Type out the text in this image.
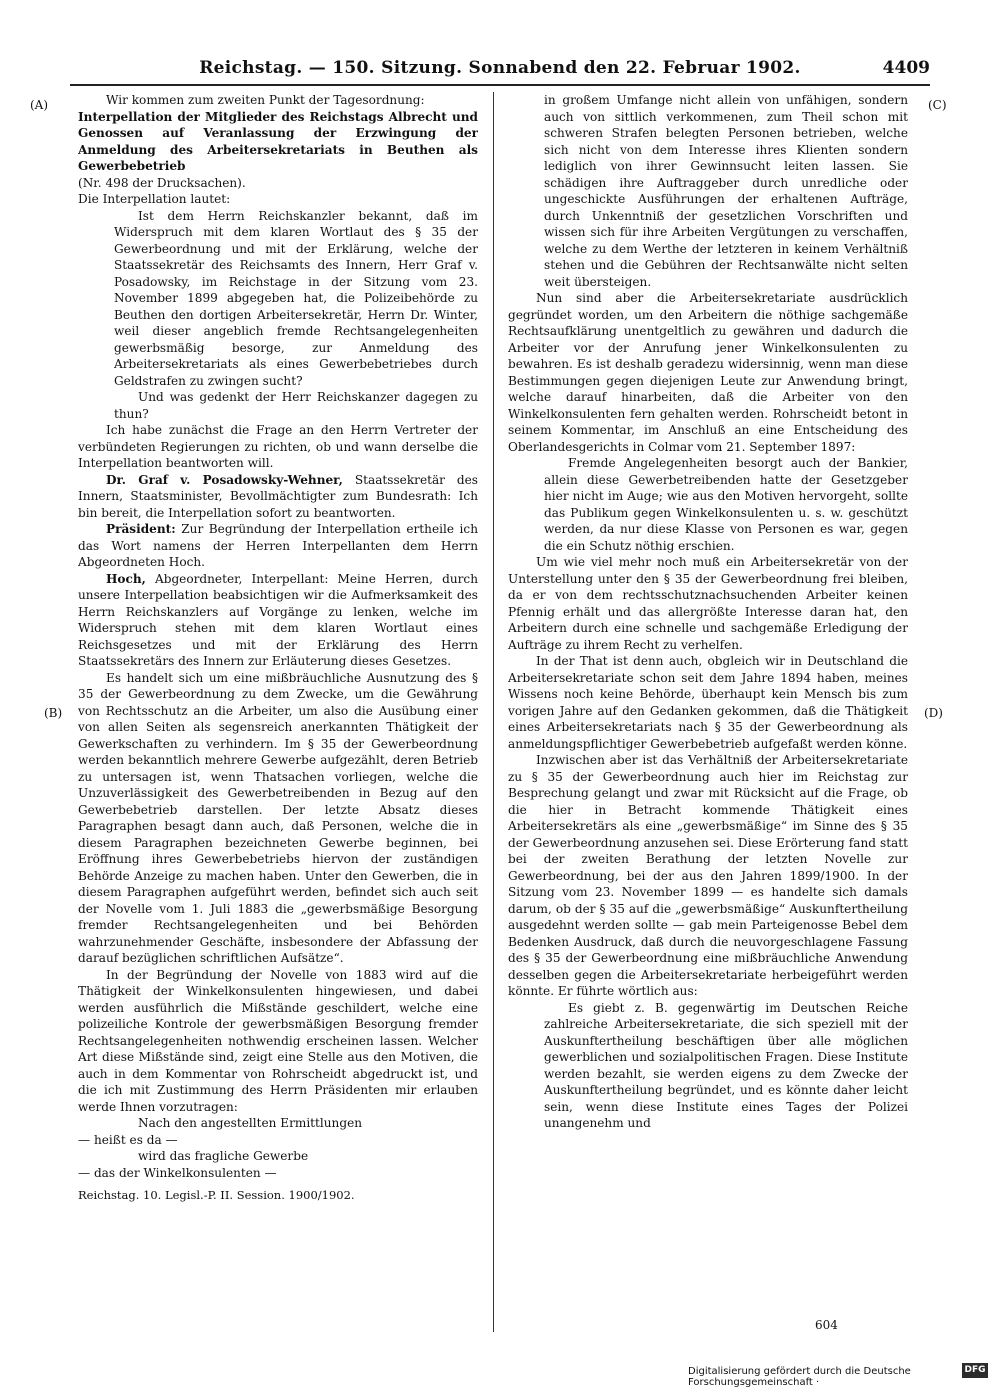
Reichstag. — 150. Sitzung. Sonnabend den 22. Februar 1902.	4409
(A)
(B)
(C)
(D)

Wir kommen zum zweiten Punkt der Tagesordnung:

Interpellation der Mitglieder des Reichstags Albrecht und Genossen auf Veranlassung der Erzwingung der Anmeldung des Arbeitersekretariats in Beuthen als Gewerbebetrieb

(Nr. 498 der Drucksachen).

Die Interpellation lautet:

Ist dem Herrn Reichskanzler bekannt, daß im Widerspruch mit dem klaren Wortlaut des § 35 der Gewerbeordnung und mit der Erklärung, welche der Staatssekretär des Reichsamts des Innern, Herr Graf v. Posadowsky, im Reichstage in der Sitzung vom 23. November 1899 abgegeben hat, die Polizeibehörde zu Beuthen den dortigen Arbeitersekretär, Herrn Dr. Winter, weil dieser angeblich fremde Rechtsangelegenheiten gewerbsmäßig besorge, zur Anmeldung des Arbeitersekretariats als eines Gewerbebetriebes durch Geldstrafen zu zwingen sucht?

Und was gedenkt der Herr Reichskanzer dagegen zu thun?

Ich habe zunächst die Frage an den Herrn Vertreter der verbündeten Regierungen zu richten, ob und wann derselbe die Interpellation beantworten will.

Dr. Graf v. Posadowsky-Wehner, Staatssekretär des Innern, Staatsminister, Bevollmächtigter zum Bundesrath: Ich bin bereit, die Interpellation sofort zu beantworten.

Präsident: Zur Begründung der Interpellation ertheile ich das Wort namens der Herren Interpellanten dem Herrn Abgeordneten Hoch.

Hoch, Abgeordneter, Interpellant: Meine Herren, durch unsere Interpellation beabsichtigen wir die Aufmerksamkeit des Herrn Reichskanzlers auf Vorgänge zu lenken, welche im Widerspruch stehen mit dem klaren Wortlaut eines Reichsgesetzes und mit der Erklärung des Herrn Staatssekretärs des Innern zur Erläuterung dieses Gesetzes.

Es handelt sich um eine mißbräuchliche Ausnutzung des § 35 der Gewerbeordnung zu dem Zwecke, um die Gewährung von Rechtsschutz an die Arbeiter, um also die Ausübung einer von allen Seiten als segensreich anerkannten Thätigkeit der Gewerkschaften zu verhindern. Im § 35 der Gewerbeordnung werden bekanntlich mehrere Gewerbe aufgezählt, deren Betrieb zu untersagen ist, wenn Thatsachen vorliegen, welche die Unzuverlässigkeit des Gewerbetreibenden in Bezug auf den Gewerbebetrieb darstellen. Der letzte Absatz dieses Paragraphen besagt dann auch, daß Personen, welche die in diesem Paragraphen bezeichneten Gewerbe beginnen, bei Eröffnung ihres Gewerbebetriebs hiervon der zuständigen Behörde Anzeige zu machen haben. Unter den Gewerben, die in diesem Paragraphen aufgeführt werden, befindet sich auch seit der Novelle vom 1. Juli 1883 die „gewerbsmäßige Besorgung fremder Rechtsangelegenheiten und bei Behörden wahrzunehmender Geschäfte, insbesondere der Abfassung der darauf bezüglichen schriftlichen Aufsätze“.

In der Begründung der Novelle von 1883 wird auf die Thätigkeit der Winkelkonsulenten hingewiesen, und dabei werden ausführlich die Mißstände geschildert, welche eine polizeiliche Kontrole der gewerbsmäßigen Besorgung fremder Rechtsangelegenheiten nothwendig erscheinen lassen. Welcher Art diese Mißstände sind, zeigt eine Stelle aus den Motiven, die auch in dem Kommentar von Rohrscheidt abgedruckt ist, und die ich mit Zustimmung des Herrn Präsidenten mir erlauben werde Ihnen vorzutragen:

Nach den angestellten Ermittlungen

— heißt es da —

wird das fragliche Gewerbe

— das der Winkelkonsulenten —

Reichstag. 10. Legisl.-P. II. Session. 1900/1902.

in großem Umfange nicht allein von unfähigen, sondern auch von sittlich verkommenen, zum Theil schon mit schweren Strafen belegten Personen betrieben, welche sich nicht von dem Interesse ihres Klienten sondern lediglich von ihrer Gewinnsucht leiten lassen. Sie schädigen ihre Auftraggeber durch unredliche oder ungeschickte Ausführungen der erhaltenen Aufträge, durch Unkenntniß der gesetzlichen Vorschriften und wissen sich für ihre Arbeiten Vergütungen zu verschaffen, welche zu dem Werthe der letzteren in keinem Verhältniß stehen und die Gebühren der Rechtsanwälte nicht selten weit übersteigen.

Nun sind aber die Arbeitersekretariate ausdrücklich gegründet worden, um den Arbeitern die nöthige sachgemäße Rechtsaufklärung unentgeltlich zu gewähren und dadurch die Arbeiter vor der Anrufung jener Winkelkonsulenten zu bewahren. Es ist deshalb geradezu widersinnig, wenn man diese Bestimmungen gegen diejenigen Leute zur Anwendung bringt, welche darauf hinarbeiten, daß die Arbeiter von den Winkelkonsulenten fern gehalten werden. Rohrscheidt betont in seinem Kommentar, im Anschluß an eine Entscheidung des Oberlandesgerichts in Colmar vom 21. September 1897:

Fremde Angelegenheiten besorgt auch der Bankier, allein diese Gewerbetreibenden hatte der Gesetzgeber hier nicht im Auge; wie aus den Motiven hervorgeht, sollte das Publikum gegen Winkelkonsulenten u. s. w. geschützt werden, da nur diese Klasse von Personen es war, gegen die ein Schutz nöthig erschien.

Um wie viel mehr noch muß ein Arbeitersekretär von der Unterstellung unter den § 35 der Gewerbeordnung frei bleiben, da er von dem rechtsschutznachsuchenden Arbeiter keinen Pfennig erhält und das allergrößte Interesse daran hat, den Arbeitern durch eine schnelle und sachgemäße Erledigung der Aufträge zu ihrem Recht zu verhelfen.

In der That ist denn auch, obgleich wir in Deutschland die Arbeitersekretariate schon seit dem Jahre 1894 haben, meines Wissens noch keine Behörde, überhaupt kein Mensch bis zum vorigen Jahre auf den Gedanken gekommen, daß die Thätigkeit eines Arbeitersekretariats nach § 35 der Gewerbeordnung als anmeldungspflichtiger Gewerbebetrieb aufgefaßt werden könne.

Inzwischen aber ist das Verhältniß der Arbeitersekretariate zu § 35 der Gewerbeordnung auch hier im Reichstag zur Besprechung gelangt und zwar mit Rücksicht auf die Frage, ob die hier in Betracht kommende Thätigkeit eines Arbeitersekretärs als eine „gewerbsmäßige“ im Sinne des § 35 der Gewerbeordnung anzusehen sei. Diese Erörterung fand statt bei der zweiten Berathung der letzten Novelle zur Gewerbeordnung, bei der aus den Jahren 1899/1900. In der Sitzung vom 23. November 1899 — es handelte sich damals darum, ob der § 35 auf die „gewerbsmäßige“ Auskunftertheilung ausgedehnt werden sollte — gab mein Parteigenosse Bebel dem Bedenken Ausdruck, daß durch die neuvorgeschlagene Fassung des § 35 der Gewerbeordnung eine mißbräuchliche Anwendung desselben gegen die Arbeitersekretariate herbeigeführt werden könnte. Er führte wörtlich aus:

Es giebt z. B. gegenwärtig im Deutschen Reiche zahlreiche Arbeitersekretariate, die sich speziell mit der Auskunftertheilung beschäftigen über alle möglichen gewerblichen und sozialpolitischen Fragen. Diese Institute werden bezahlt, sie werden eigens zu dem Zwecke der Auskunftertheilung begründet, und es könnte daher leicht sein, wenn diese Institute eines Tages der Polizei unangenehm und

604
Digitalisierung gefördert durch die Deutsche Forschungsgemeinschaft ·
DFG
